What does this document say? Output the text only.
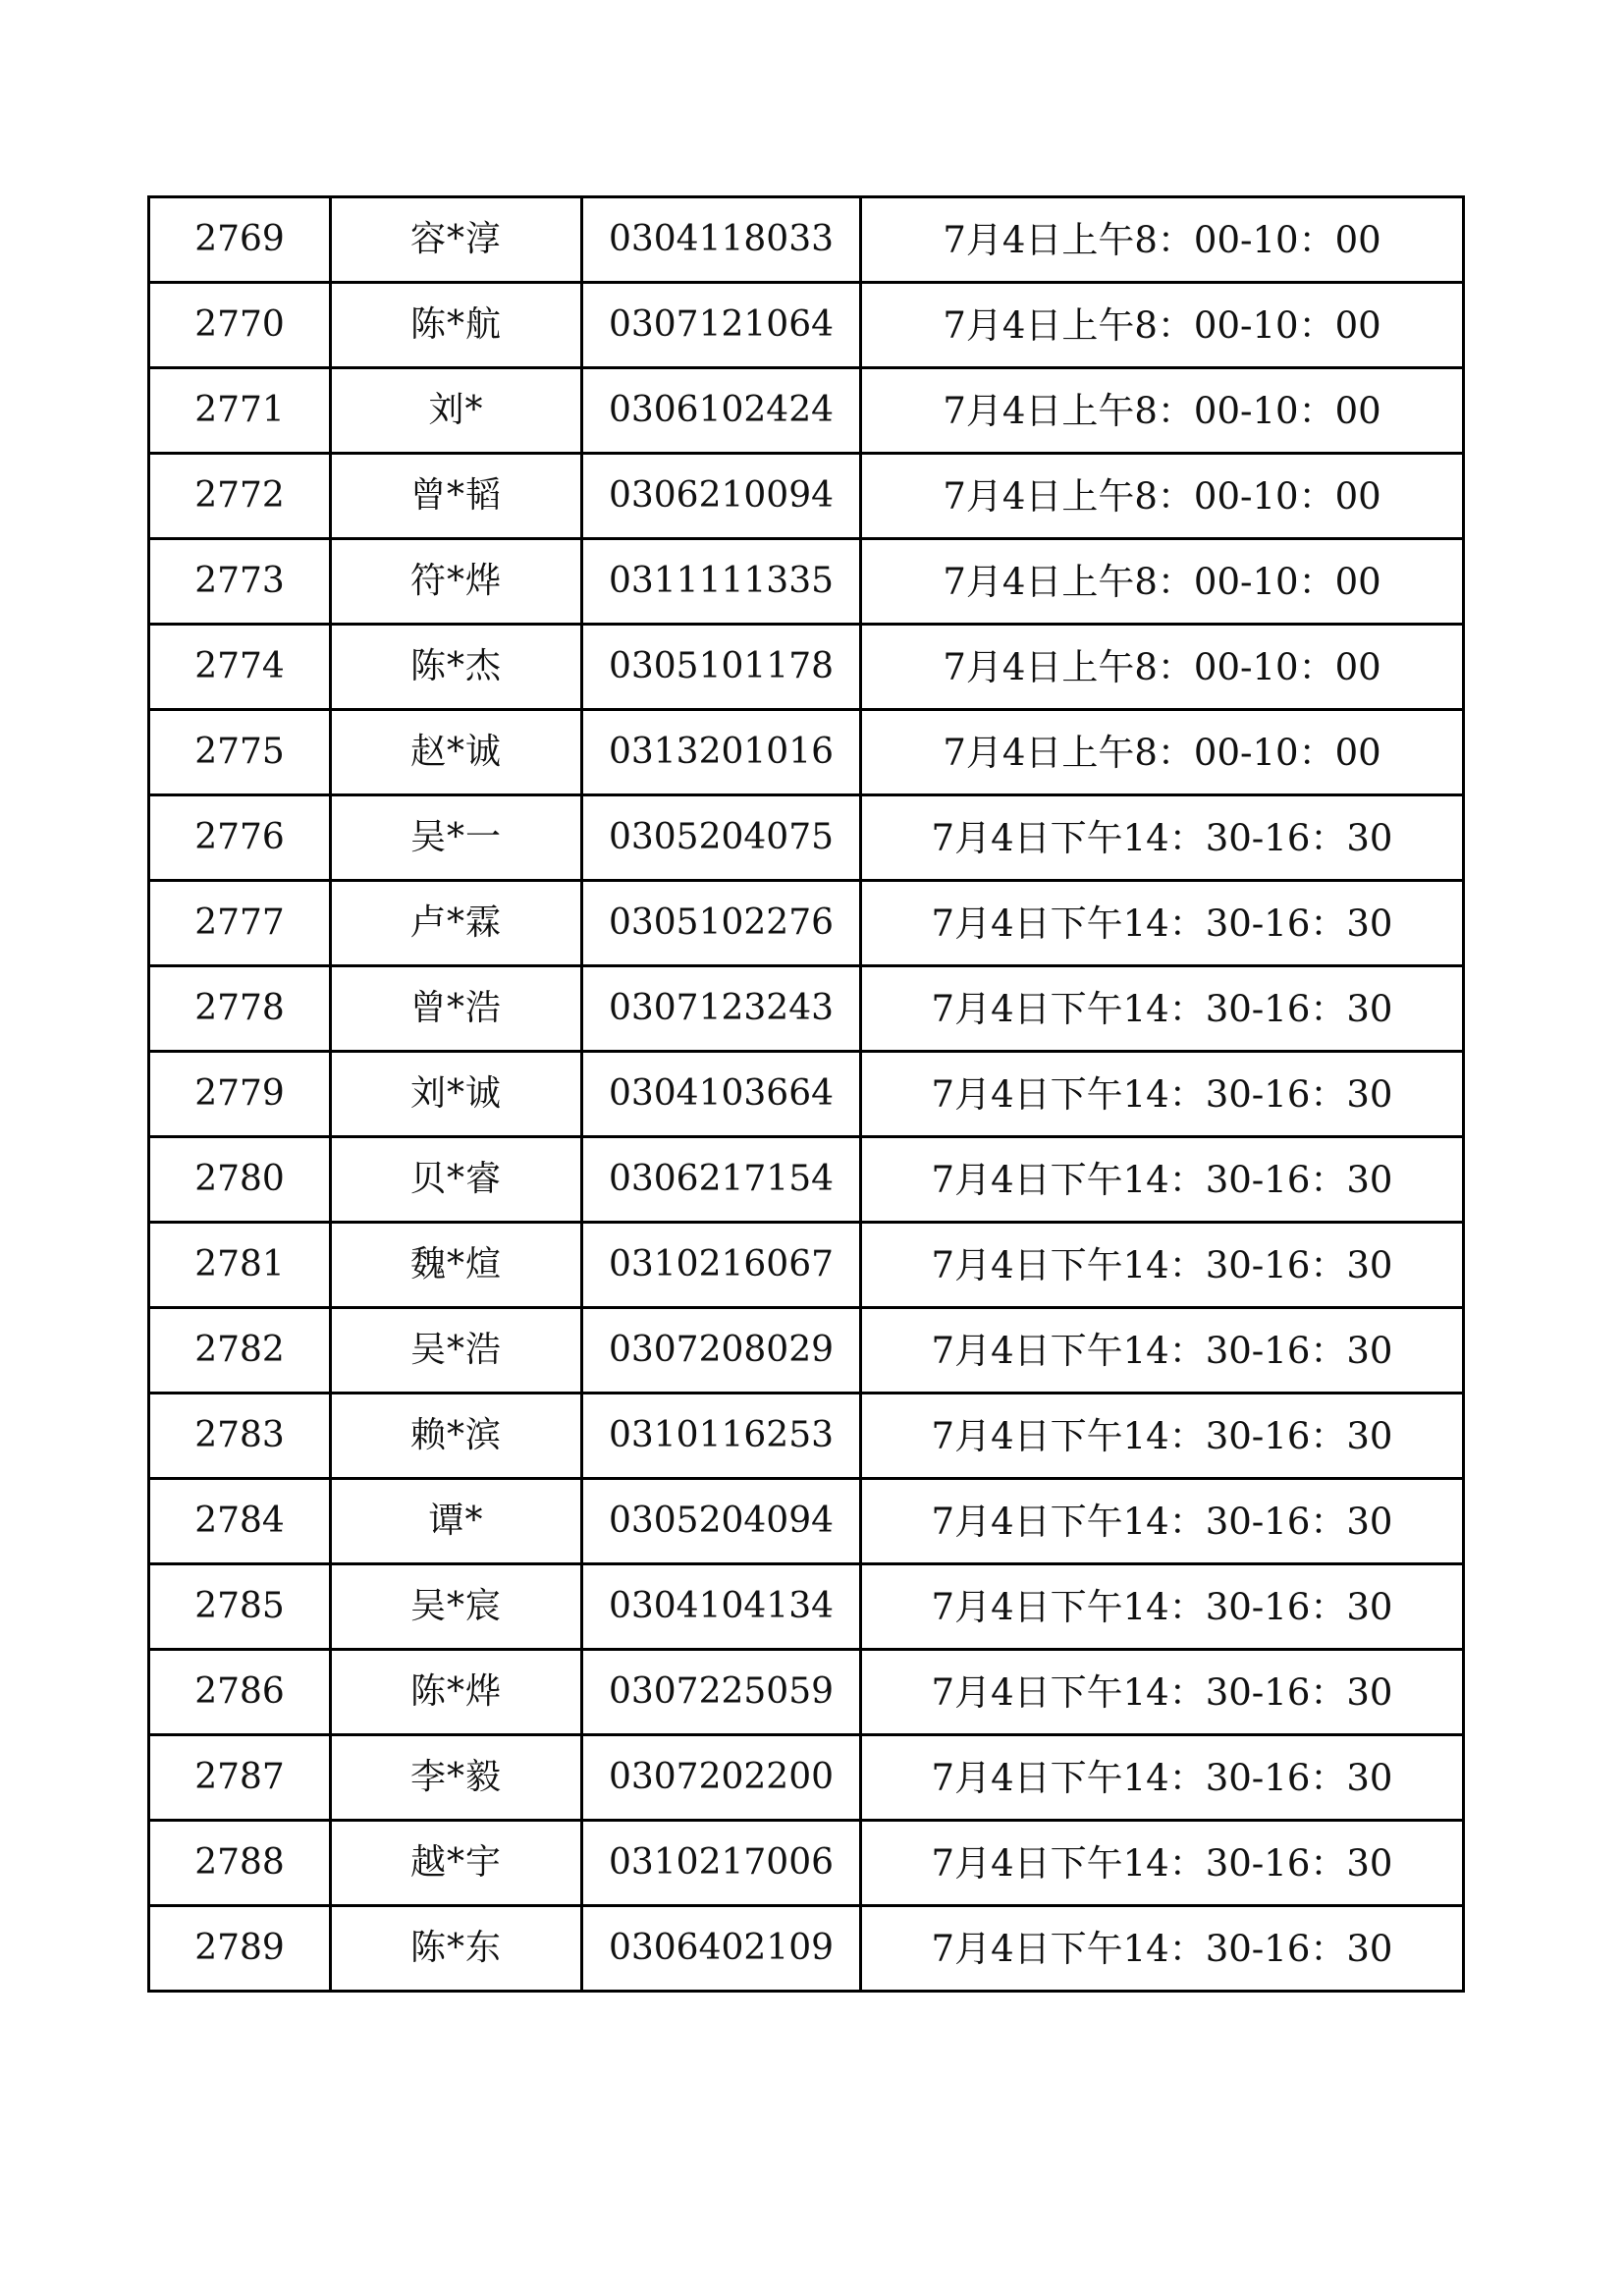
2769	容*淳	0304118033	7月4日上午8：00-10：00
2770	陈*航	0307121064	7月4日上午8：00-10：00
2771	刘*	0306102424	7月4日上午8：00-10：00
2772	曾*韬	0306210094	7月4日上午8：00-10：00
2773	符*烨	0311111335	7月4日上午8：00-10：00
2774	陈*杰	0305101178	7月4日上午8：00-10：00
2775	赵*诚	0313201016	7月4日上午8：00-10：00
2776	吴*一	0305204075	7月4日下午14：30-16：30
2777	卢*霖	0305102276	7月4日下午14：30-16：30
2778	曾*浩	0307123243	7月4日下午14：30-16：30
2779	刘*诚	0304103664	7月4日下午14：30-16：30
2780	贝*睿	0306217154	7月4日下午14：30-16：30
2781	魏*煊	0310216067	7月4日下午14：30-16：30
2782	吴*浩	0307208029	7月4日下午14：30-16：30
2783	赖*滨	0310116253	7月4日下午14：30-16：30
2784	谭*	0305204094	7月4日下午14：30-16：30
2785	吴*宸	0304104134	7月4日下午14：30-16：30
2786	陈*烨	0307225059	7月4日下午14：30-16：30
2787	李*毅	0307202200	7月4日下午14：30-16：30
2788	越*宇	0310217006	7月4日下午14：30-16：30
2789	陈*东	0306402109	7月4日下午14：30-16：30
